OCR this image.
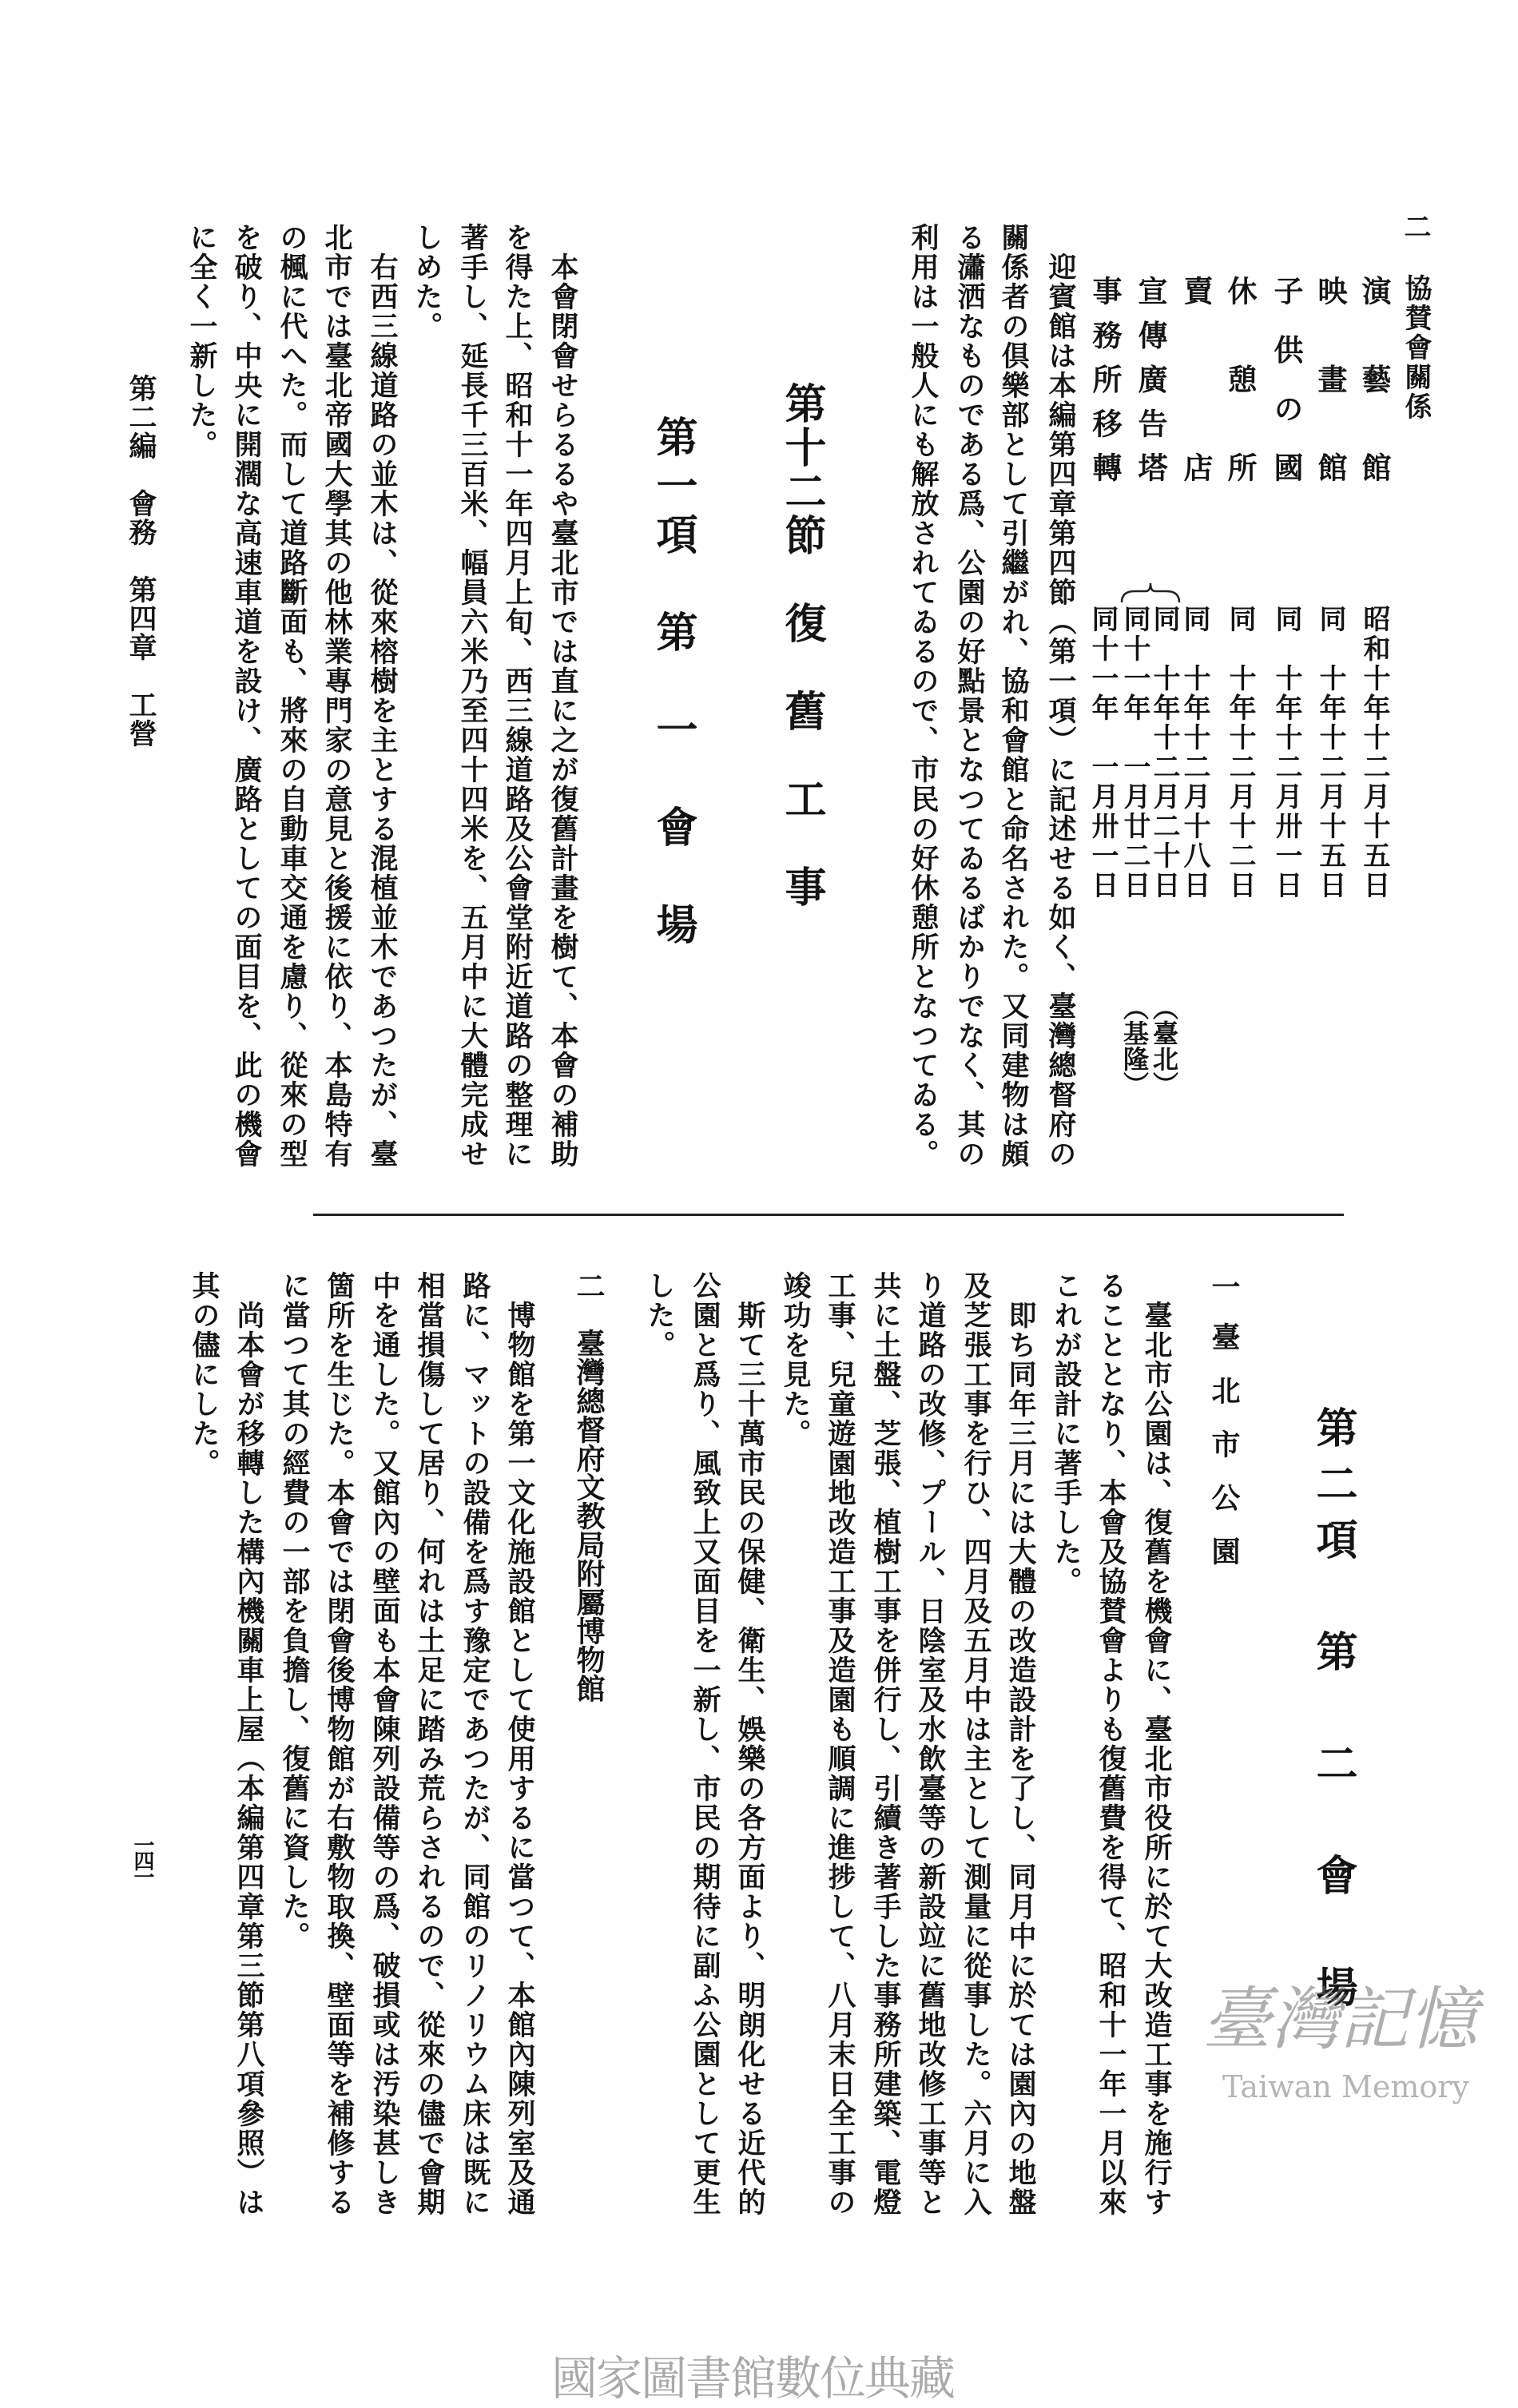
二
協賛會關係
演藝館
昭和十年十二月十五日
映畫館
同　十年十二月十五日
子供の國
同　十年十二月卅一日
休憩所
同　十年十二月十二日
賣店
同　十年十二月十八日
宣傳廣告塔
同　十年十二月二十日
（臺北）
同十一年　一月廿二日
（基隆）
事務所移轉
同十一年　一月卅一日
迎賓館は本編第四章第四節（第一項）に記述せる如く、臺灣總督府の
關係者の倶樂部として引繼がれ、協和會館と命名された。又同建物は頗
る瀟洒なものである爲、公園の好點景となつてゐるばかりでなく、其の
利用は一般人にも解放されてゐるので、市民の好休憩所となつてゐる。
第十二節　復　舊　工　事
第一項　第　一　會　場
本會閉會せらるるや臺北市では直に之が復舊計畫を樹て、本會の補助
を得た上、昭和十一年四月上旬、西三線道路及公會堂附近道路の整理に
著手し、延長千三百米、幅員六米乃至四十四米を、五月中に大體完成せ
しめた。
右西三線道路の並木は、從來榕樹を主とする混植並木であつたが、臺
北市では臺北帝國大學其の他林業專門家の意見と後援に依り、本島特有
の楓に代へた。而して道路斷面も、將來の自動車交通を慮り、從來の型
を破り、中央に開濶な高速車道を設け、廣路としての面目を、此の機會
に全く一新した。
第二編　會務　第四章　工營
第二項　第　二　會　場
一
臺北市公園
臺北市公園は、復舊を機會に、臺北市役所に於て大改造工事を施行す
ることとなり、本會及協賛會よりも復舊費を得て、昭和十一年一月以來
これが設計に著手した。
即ち同年三月には大體の改造設計を了し、同月中に於ては園內の地盤
及芝張工事を行ひ、四月及五月中は主として測量に從事した。六月に入
り道路の改修、プール、日陰室及水飲臺等の新設竝に舊地改修工事等と
共に土盤、芝張、植樹工事を併行し、引續き著手した事務所建築、電燈
工事、兒童遊園地改造工事及造園も順調に進捗して、八月末日全工事の
竣功を見た。
斯て三十萬市民の保健、衛生、娛樂の各方面より、明朗化せる近代的
公園と爲り、風致上又面目を一新し、市民の期待に副ふ公園として更生
した。
二　臺灣總督府文教局附屬博物館
博物館を第一文化施設館として使用するに當つて、本館內陳列室及通
路に、マットの設備を爲す豫定であつたが、同館のリノリウム床は既に
相當損傷して居り、何れは土足に踏み荒らされるので、從來の儘で會期
中を通した。又館內の壁面も本會陳列設備等の爲、破損或は汚染甚しき
箇所を生じた。本會では閉會後博物館が右敷物取換、壁面等を補修する
に當つて其の經費の一部を負擔し、復舊に資した。
尚本會が移轉した構內機關車上屋（本編第四章第三節第八項參照）は
其の儘にした。
一四一
臺灣記憶
Taiwan Memory
國家圖書館數位典藏
